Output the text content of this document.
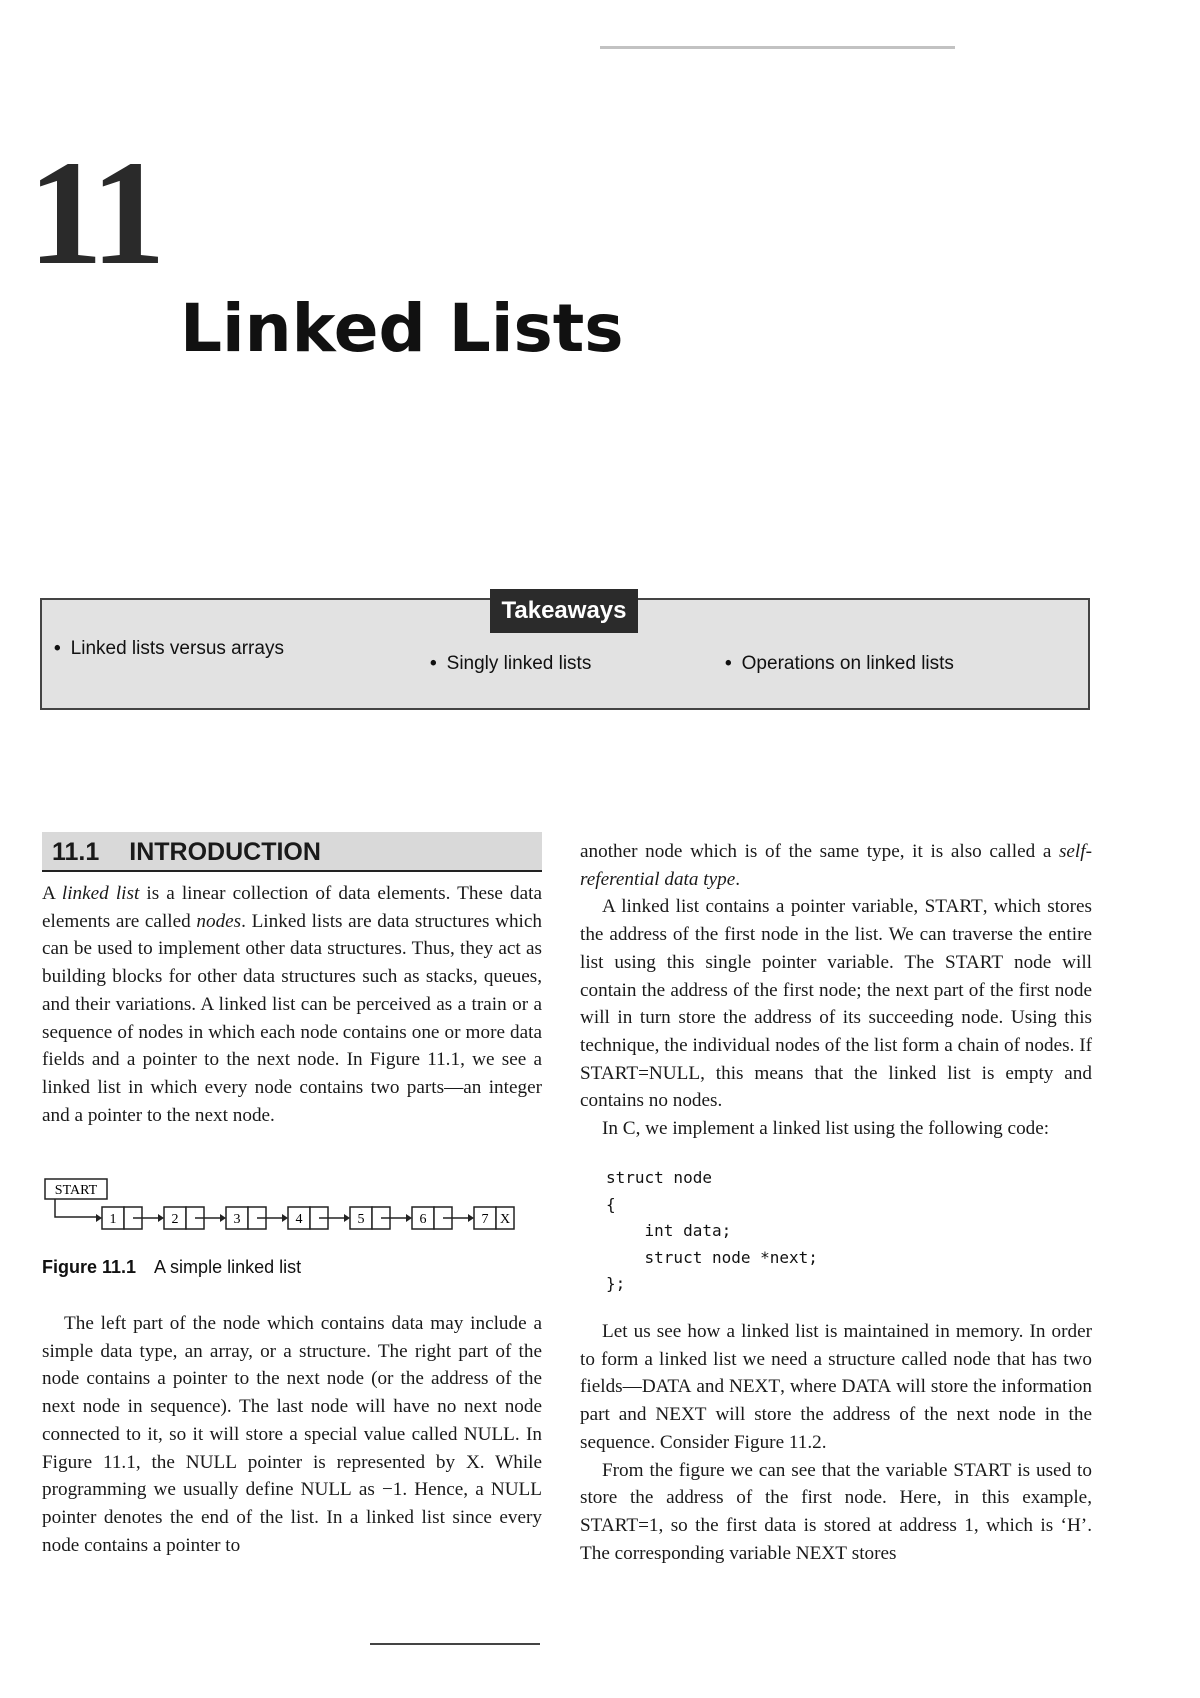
11
Linked Lists
Takeaways
• Linked lists versus arrays
• Singly linked lists	• Operations on linked lists
11.1 INTRODUCTION

A linked list is a linear collection of data elements. These data elements are called nodes. Linked lists are data structures which can be used to implement other data structures. Thus, they act as building blocks for other data structures such as stacks, queues, and their variations. A linked list can be perceived as a train or a sequence of nodes in which each node contains one or more data fields and a pointer to the next node. In Figure 11.1, we see a linked list in which every node contains two parts—an integer and a pointer to the next node.

START
1	2	3	4	5	6	7 X
Figure 11.1 A simple linked list

The left part of the node which contains data may include a simple data type, an array, or a structure. The right part of the node contains a pointer to the next node (or the address of the next node in sequence). The last node will have no next node connected to it, so it will store a special value called NULL. In Figure 11.1, the NULL pointer is represented by X. While programming we usually define NULL as −1. Hence, a NULL pointer denotes the end of the list. In a linked list since every node contains a pointer to

another node which is of the same type, it is also called a self-referential data type.

A linked list contains a pointer variable, START, which stores the address of the first node in the list. We can traverse the entire list using this single pointer variable. The START node will contain the address of the first node; the next part of the first node will in turn store the address of its succeeding node. Using this technique, the individual nodes of the list form a chain of nodes. If START=NULL, this means that the linked list is empty and contains no nodes.

In C, we implement a linked list using the following code:

struct node
{
int data;
struct node *next;
};

Let us see how a linked list is maintained in memory. In order to form a linked list we need a structure called node that has two fields—DATA and NEXT, where DATA will store the information part and NEXT will store the address of the next node in the sequence. Consider Figure 11.2.

From the figure we can see that the variable START is used to store the address of the first node. Here, in this example, START=1, so the first data is stored at address 1, which is ‘H’. The corresponding variable NEXT stores
